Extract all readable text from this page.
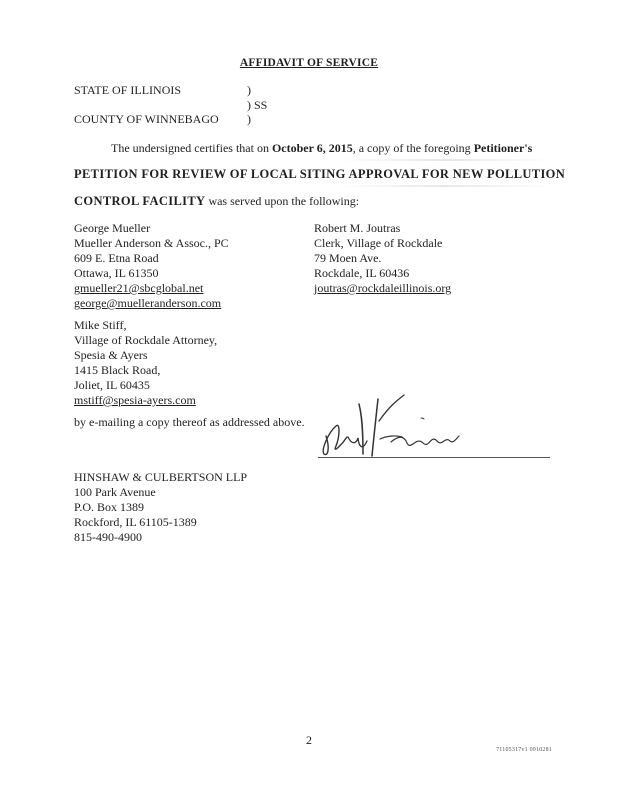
AFFIDAVIT OF SERVICE
STATE OF ILLINOIS	)
) SS
COUNTY OF WINNEBAGO )
The undersigned certifies that on October 6, 2015, a copy of the foregoing Petitioner's
PETITION FOR REVIEW OF LOCAL SITING APPROVAL FOR NEW POLLUTION
CONTROL FACILITY was served upon the following:
George Mueller
Mueller Anderson & Assoc., PC
609 E. Etna Road
Ottawa, IL 61350
gmueller21@sbcglobal.net
george@muelleranderson.com
Robert M. Joutras
Clerk, Village of Rockdale
79 Moen Ave.
Rockdale, IL 60436
joutras@rockdaleillinois.org
Mike Stiff,
Village of Rockdale Attorney,
Spesia & Ayers
1415 Black Road,
Joliet, IL 60435
mstiff@spesia-ayers.com
by e-mailing a copy thereof as addressed above.
HINSHAW & CULBERTSON LLP
100 Park Avenue
P.O. Box 1389
Rockford, IL 61105-1389
815-490-4900
2
71105317v1 0910281
